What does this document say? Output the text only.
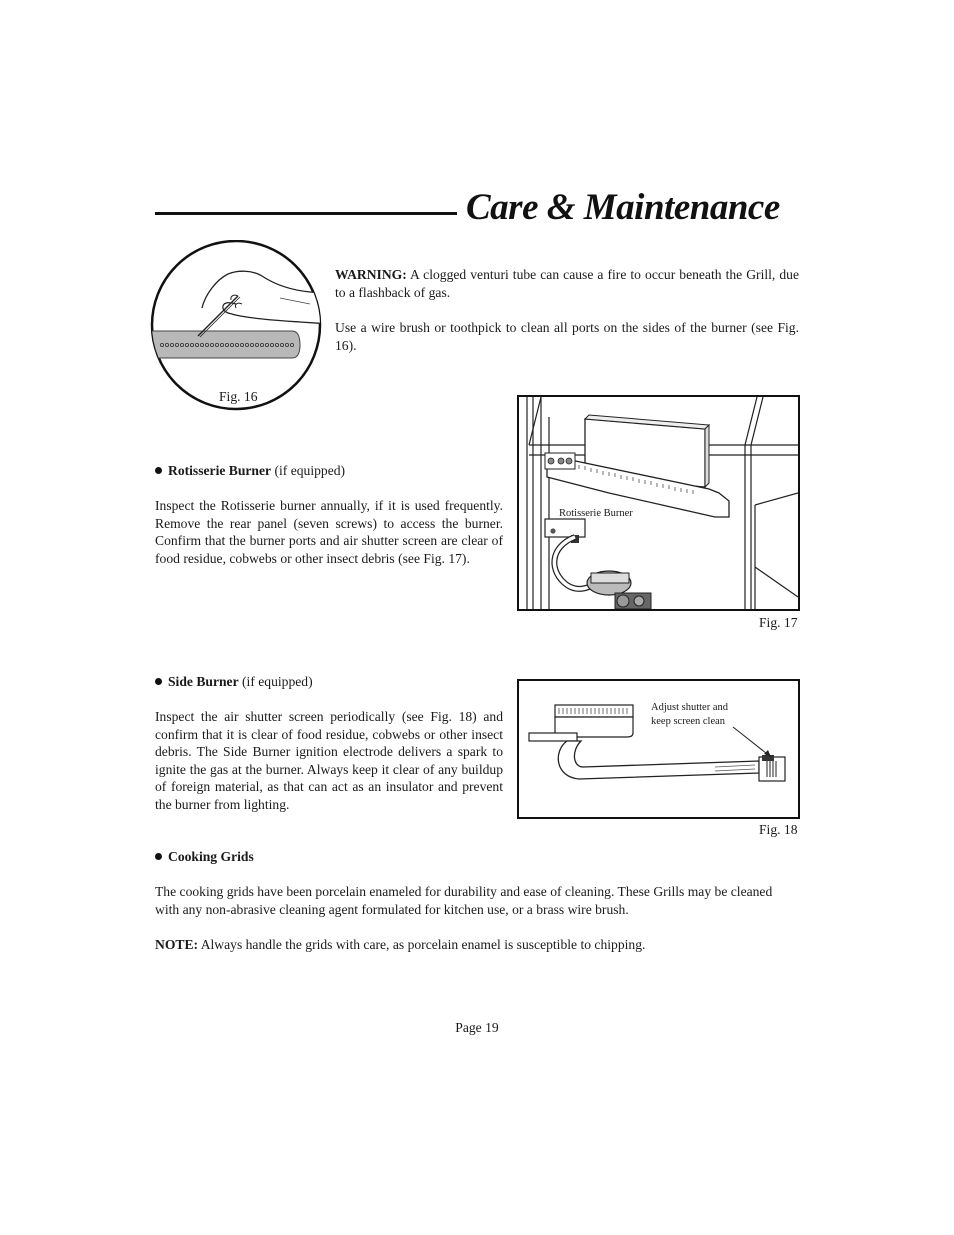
Care & Maintenance
Fig. 16
WARNING: A clogged venturi tube can cause a fire to occur beneath the Grill, due to a flashback of gas.
Use a wire brush or toothpick to clean all ports on the sides of the burner (see Fig. 16).
Rotisserie Burner
Fig. 17
Rotisserie Burner (if equipped)
Inspect the Rotisserie burner annually, if it is used frequently. Remove the rear panel (seven screws) to access the burner. Confirm that the burner ports and air shutter screen are clear of food residue, cobwebs or other insect debris (see Fig. 17).
Side Burner (if equipped)
Inspect the air shutter screen periodically (see Fig. 18) and confirm that it is clear of food residue, cobwebs or other insect debris. The Side Burner ignition electrode delivers a spark to ignite the gas at the burner. Always keep it clear of any buildup of foreign material, as that can act as an insulator and prevent the burner from lighting.
Adjust shutter and
keep screen clean
Fig. 18
Cooking Grids
The cooking grids have been porcelain enameled for durability and ease of cleaning. These Grills may be cleaned with any non-abrasive cleaning agent formulated for kitchen use, or a brass wire brush.
NOTE: Always handle the grids with care, as porcelain enamel is susceptible to chipping.
Page 19
